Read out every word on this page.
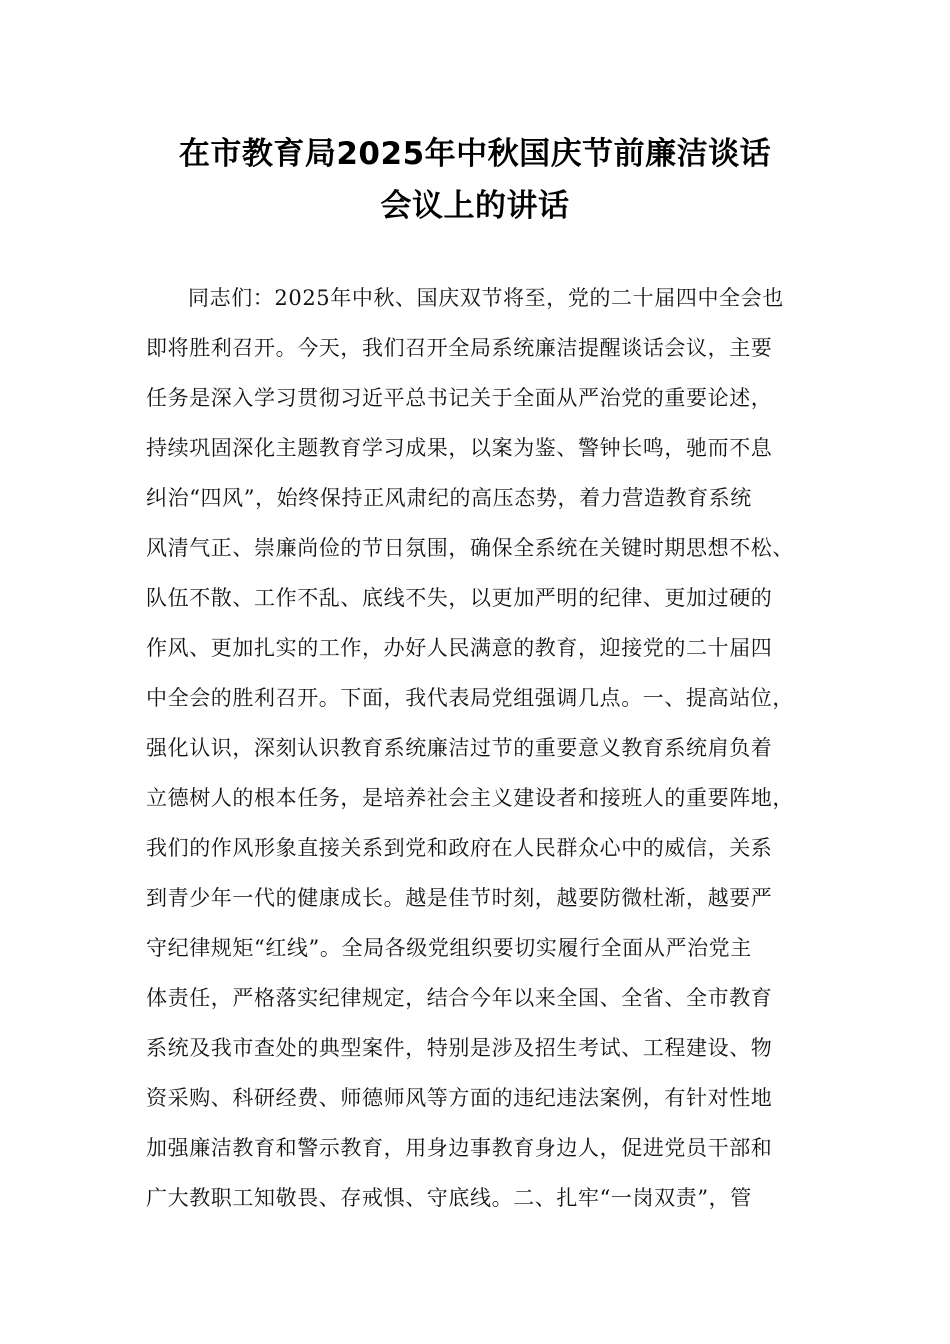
在市教育局2025年中秋国庆节前廉洁谈话
会议上的讲话
同志们：2025年中秋、国庆双节将至，党的二十届四中全会也
即将胜利召开。今天，我们召开全局系统廉洁提醒谈话会议，主要
任务是深入学习贯彻习近平总书记关于全面从严治党的重要论述，
持续巩固深化主题教育学习成果，以案为鉴、警钟长鸣，驰而不息
纠治“四风”，始终保持正风肃纪的高压态势，着力营造教育系统
风清气正、崇廉尚俭的节日氛围，确保全系统在关键时期思想不松、
队伍不散、工作不乱、底线不失，以更加严明的纪律、更加过硬的
作风、更加扎实的工作，办好人民满意的教育，迎接党的二十届四
中全会的胜利召开。下面，我代表局党组强调几点。一、提高站位，
强化认识，深刻认识教育系统廉洁过节的重要意义教育系统肩负着
立德树人的根本任务，是培养社会主义建设者和接班人的重要阵地，
我们的作风形象直接关系到党和政府在人民群众心中的威信，关系
到青少年一代的健康成长。越是佳节时刻，越要防微杜渐，越要严
守纪律规矩“红线”。全局各级党组织要切实履行全面从严治党主
体责任，严格落实纪律规定，结合今年以来全国、全省、全市教育
系统及我市查处的典型案件，特别是涉及招生考试、工程建设、物
资采购、科研经费、师德师风等方面的违纪违法案例，有针对性地
加强廉洁教育和警示教育，用身边事教育身边人，促进党员干部和
广大教职工知敬畏、存戒惧、守底线。二、扎牢“一岗双责”，管
